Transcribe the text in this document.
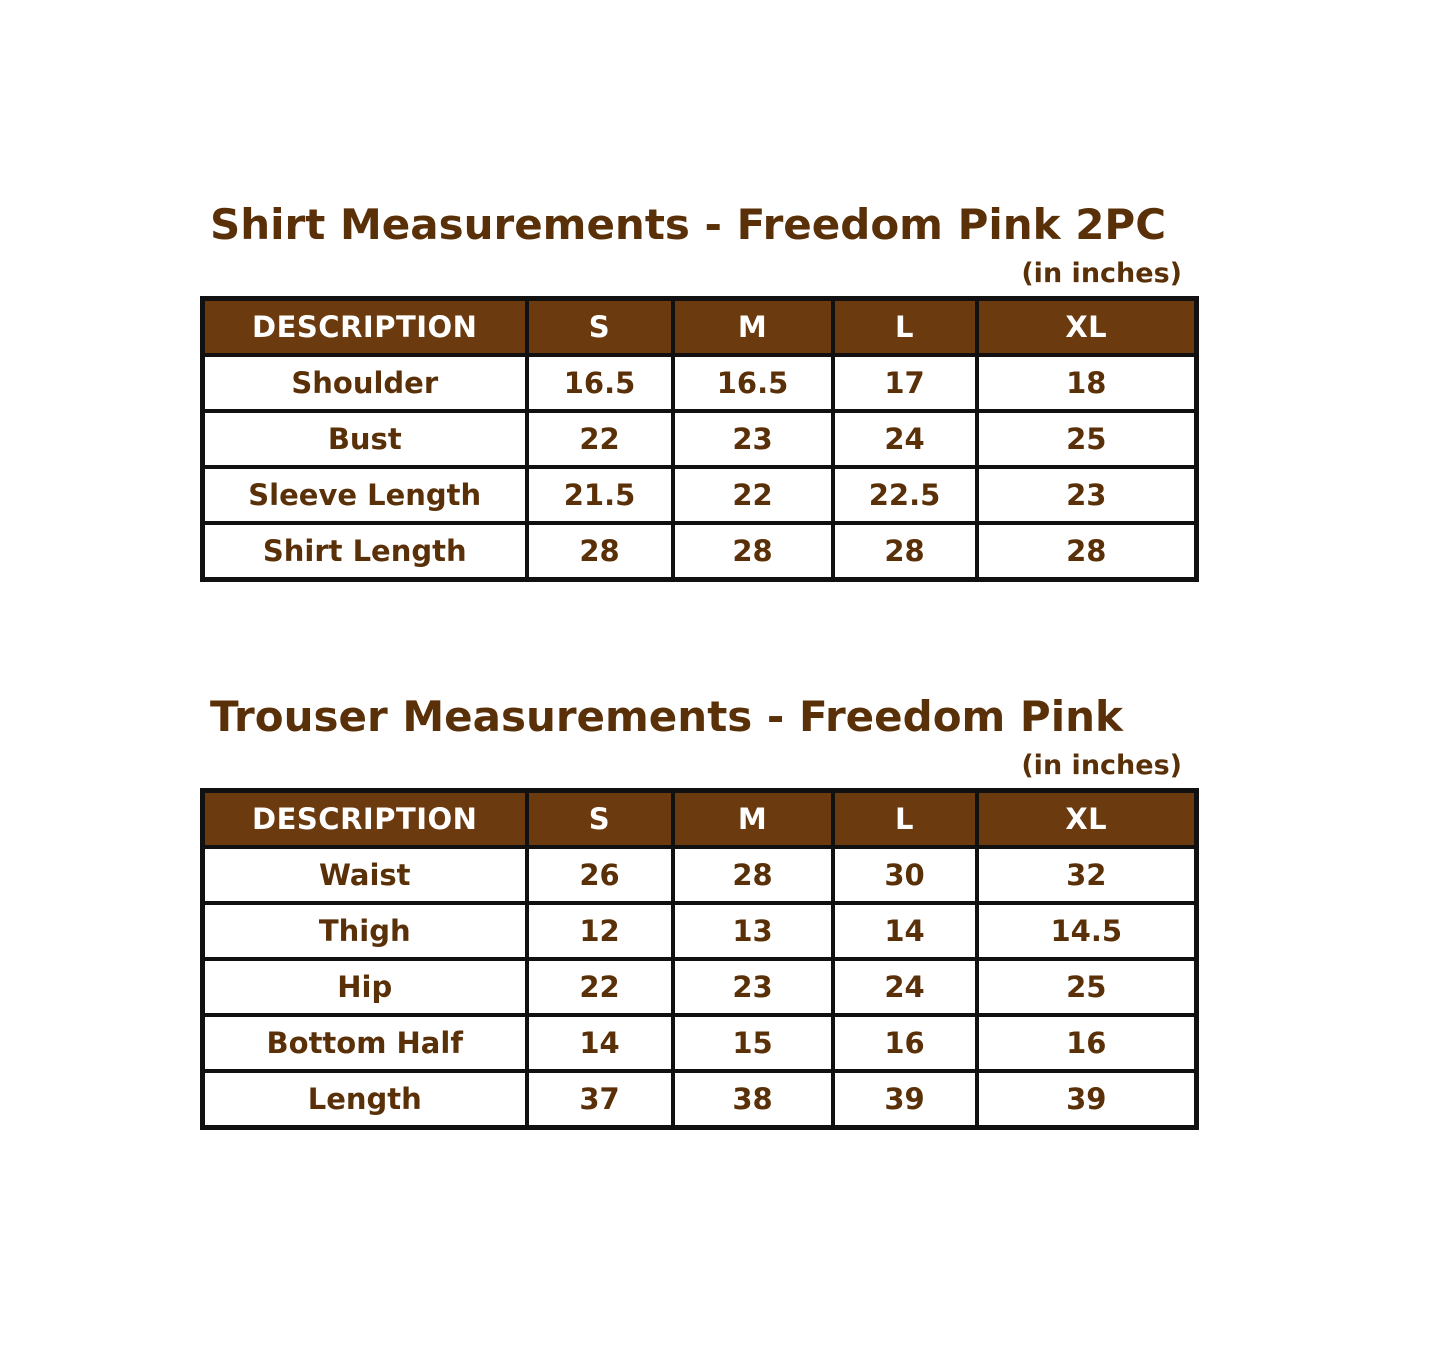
Shirt Measurements - Freedom Pink 2PC
(in inches)
DESCRIPTION	S	M	L	XL
Shoulder	16.5	16.5	17	18
Bust	22	23	24	25
Sleeve Length	21.5	22	22.5	23
Shirt Length	28	28	28	28
Trouser Measurements - Freedom Pink
(in inches)
DESCRIPTION	S	M	L	XL
Waist	26	28	30	32
Thigh	12	13	14	14.5
Hip	22	23	24	25
Bottom Half	14	15	16	16
Length	37	38	39	39
